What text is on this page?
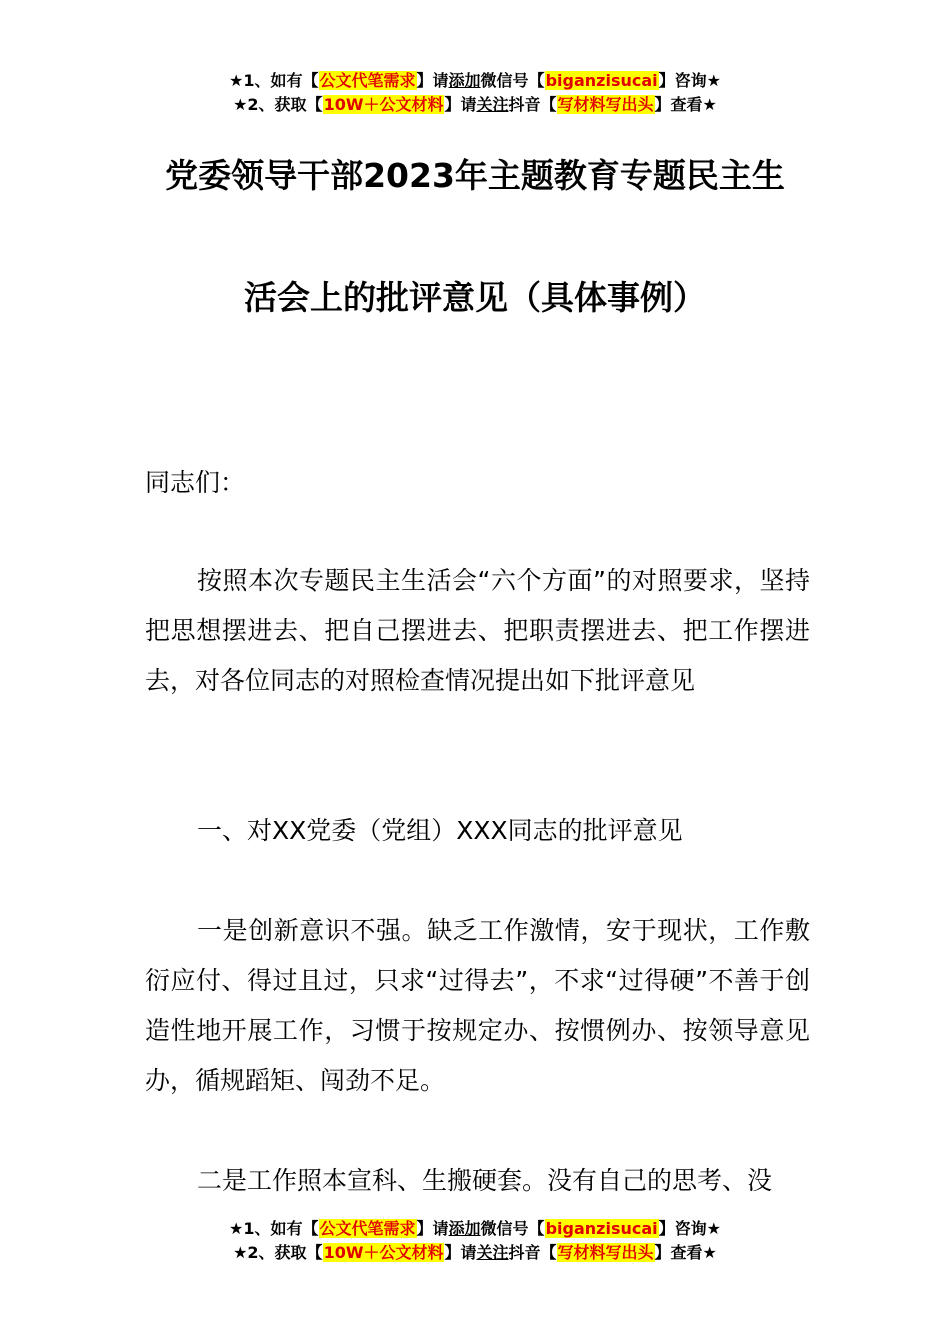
★1、如有【公文代笔需求】请添加微信号【biganzisucai】咨询★
★2、获取【10W＋公文材料】请关注抖音【写材料写出头】查看★
党委领导干部2023年主题教育专题民主生
活会上的批评意见（具体事例）

同志们：

按照本次专题民主生活会“六个方面”的对照要求，坚持把思想摆进去、把自己摆进去、把职责摆进去、把工作摆进去，对各位同志的对照检查情况提出如下批评意见

一、对XX党委（党组）XXX同志的批评意见

一是创新意识不强。缺乏工作激情，安于现状，工作敷衍应付、得过且过，只求“过得去”，不求“过得硬”不善于创造性地开展工作，习惯于按规定办、按惯例办、按领导意见办，循规蹈矩、闯劲不足。

二是工作照本宣科、生搬硬套。没有自己的思考、没

★1、如有【公文代笔需求】请添加微信号【biganzisucai】咨询★
★2、获取【10W＋公文材料】请关注抖音【写材料写出头】查看★
